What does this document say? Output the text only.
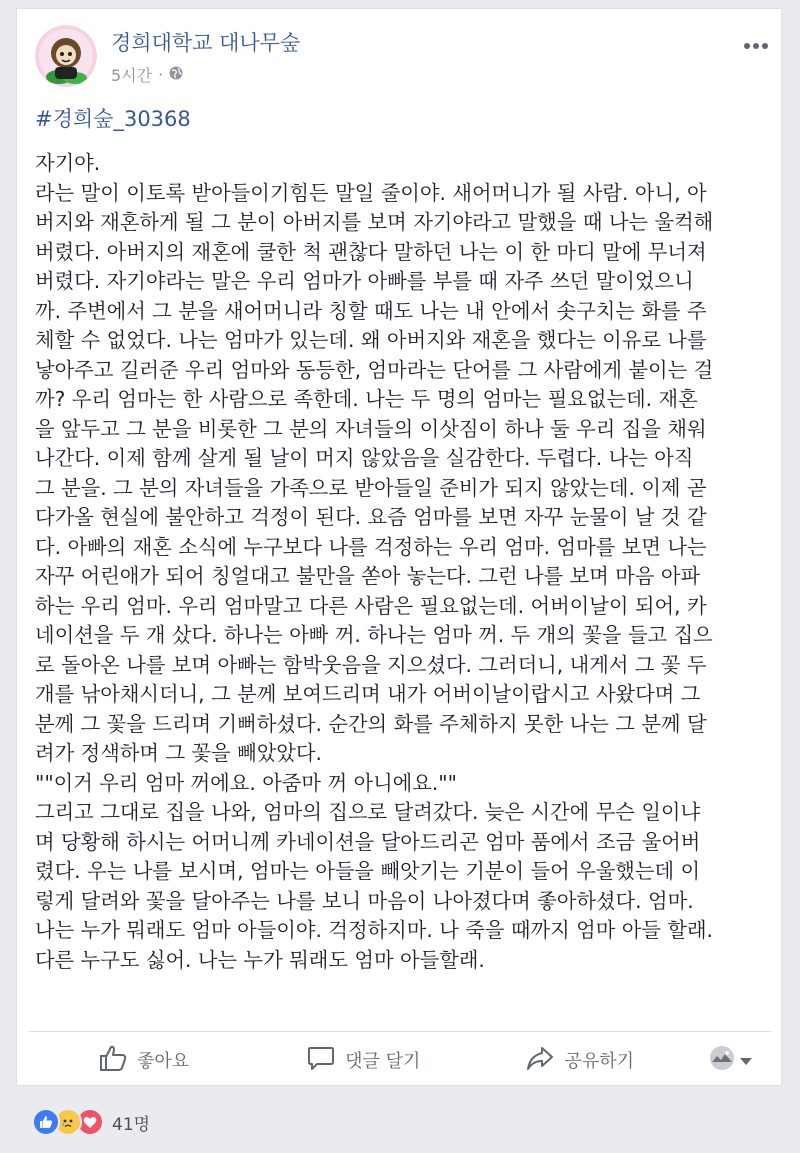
경희대학교 대나무숲
5시간 ·
#경희숲_30368
자기야.
라는 말이 이토록 받아들이기힘든 말일 줄이야. 새어머니가 될 사람. 아니, 아
버지와 재혼하게 될 그 분이 아버지를 보며 자기야라고 말했을 때 나는 울컥해
버렸다. 아버지의 재혼에 쿨한 척 괜찮다 말하던 나는 이 한 마디 말에 무너져
버렸다. 자기야라는 말은 우리 엄마가 아빠를 부를 때 자주 쓰던 말이었으니
까. 주변에서 그 분을 새어머니라 칭할 때도 나는 내 안에서 솟구치는 화를 주
체할 수 없었다. 나는 엄마가 있는데. 왜 아버지와 재혼을 했다는 이유로 나를
낳아주고 길러준 우리 엄마와 동등한, 엄마라는 단어를 그 사람에게 붙이는 걸
까? 우리 엄마는 한 사람으로 족한데. 나는 두 명의 엄마는 필요없는데. 재혼
을 앞두고 그 분을 비롯한 그 분의 자녀들의 이삿짐이 하나 둘 우리 집을 채워
나간다. 이제 함께 살게 될 날이 머지 않았음을 실감한다. 두렵다. 나는 아직
그 분을. 그 분의 자녀들을 가족으로 받아들일 준비가 되지 않았는데. 이제 곧
다가올 현실에 불안하고 걱정이 된다. 요즘 엄마를 보면 자꾸 눈물이 날 것 같
다. 아빠의 재혼 소식에 누구보다 나를 걱정하는 우리 엄마. 엄마를 보면 나는
자꾸 어린애가 되어 칭얼대고 불만을 쏟아 놓는다. 그런 나를 보며 마음 아파
하는 우리 엄마. 우리 엄마말고 다른 사람은 필요없는데. 어버이날이 되어, 카
네이션을 두 개 샀다. 하나는 아빠 꺼. 하나는 엄마 꺼. 두 개의 꽃을 들고 집으
로 돌아온 나를 보며 아빠는 함박웃음을 지으셨다. 그러더니, 내게서 그 꽃 두
개를 낚아채시더니, 그 분께 보여드리며 내가 어버이날이랍시고 사왔다며 그
분께 그 꽃을 드리며 기뻐하셨다. 순간의 화를 주체하지 못한 나는 그 분께 달
려가 정색하며 그 꽃을 빼았았다.
""이거 우리 엄마 꺼에요. 아줌마 꺼 아니에요.""
그리고 그대로 집을 나와, 엄마의 집으로 달려갔다. 늦은 시간에 무슨 일이냐
며 당황해 하시는 어머니께 카네이션을 달아드리곤 엄마 품에서 조금 울어버
렸다. 우는 나를 보시며, 엄마는 아들을 빼앗기는 기분이 들어 우울했는데 이
렇게 달려와 꽃을 달아주는 나를 보니 마음이 나아졌다며 좋아하셨다. 엄마.
나는 누가 뭐래도 엄마 아들이야. 걱정하지마. 나 죽을 때까지 엄마 아들 할래.
다른 누구도 싫어. 나는 누가 뭐래도 엄마 아들할래.
좋아요	댓글 달기	공유하기
41명
